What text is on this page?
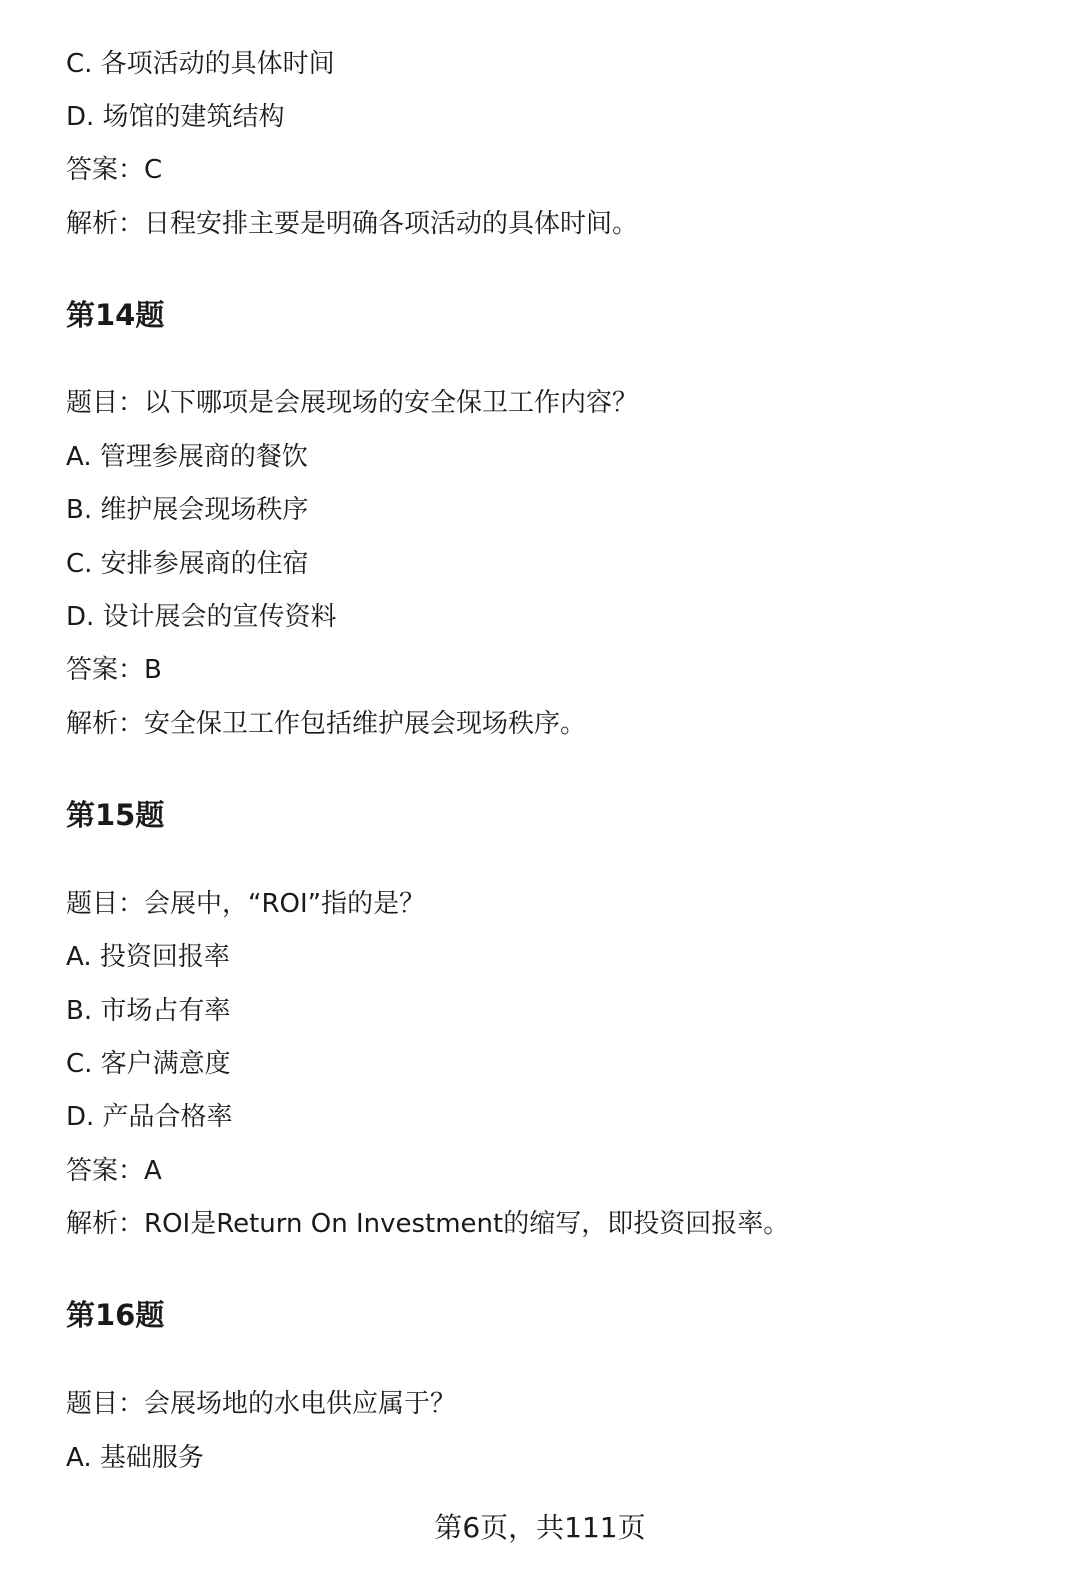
C. 各项活动的具体时间
D. 场馆的建筑结构
答案：C
解析：日程安排主要是明确各项活动的具体时间。
第14题
题目：以下哪项是会展现场的安全保卫工作内容？
A. 管理参展商的餐饮
B. 维护展会现场秩序
C. 安排参展商的住宿
D. 设计展会的宣传资料
答案：B
解析：安全保卫工作包括维护展会现场秩序。
第15题
题目：会展中，“ROI”指的是？
A. 投资回报率
B. 市场占有率
C. 客户满意度
D. 产品合格率
答案：A
解析：ROI是Return On Investment的缩写，即投资回报率。
第16题
题目：会展场地的水电供应属于？
A. 基础服务
第6页，共111页
